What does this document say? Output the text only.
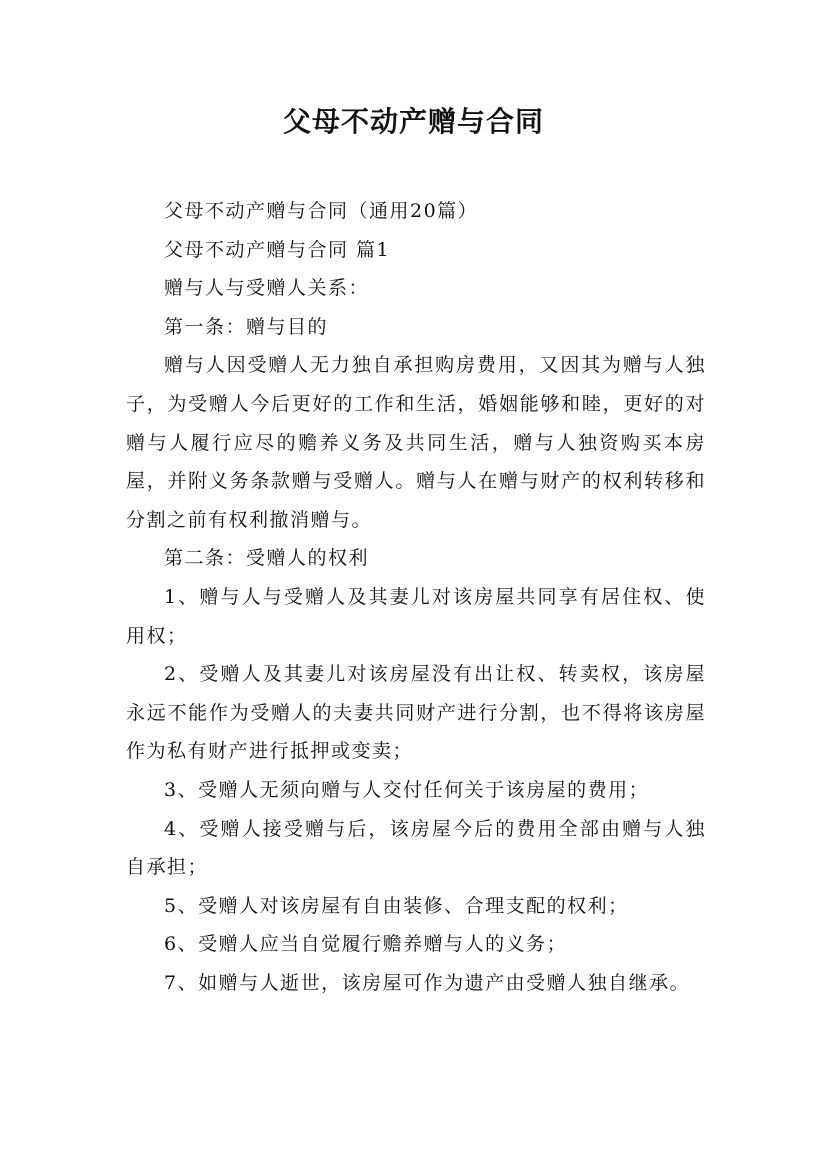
父母不动产赠与合同

父母不动产赠与合同（通用20篇）

父母不动产赠与合同 篇1

赠与人与受赠人关系：

第一条：赠与目的

赠与人因受赠人无力独自承担购房费用，又因其为赠与人独子，为受赠人今后更好的工作和生活，婚姻能够和睦，更好的对赠与人履行应尽的赡养义务及共同生活，赠与人独资购买本房屋，并附义务条款赠与受赠人。赠与人在赠与财产的权利转移和分割之前有权利撤消赠与。

第二条：受赠人的权利

1、赠与人与受赠人及其妻儿对该房屋共同享有居住权、使用权；

2、受赠人及其妻儿对该房屋没有出让权、转卖权，该房屋永远不能作为受赠人的夫妻共同财产进行分割，也不得将该房屋作为私有财产进行抵押或变卖；

3、受赠人无须向赠与人交付任何关于该房屋的费用；

4、受赠人接受赠与后，该房屋今后的费用全部由赠与人独自承担；

5、受赠人对该房屋有自由装修、合理支配的权利；

6、受赠人应当自觉履行赡养赠与人的义务；

7、如赠与人逝世，该房屋可作为遗产由受赠人独自继承。
